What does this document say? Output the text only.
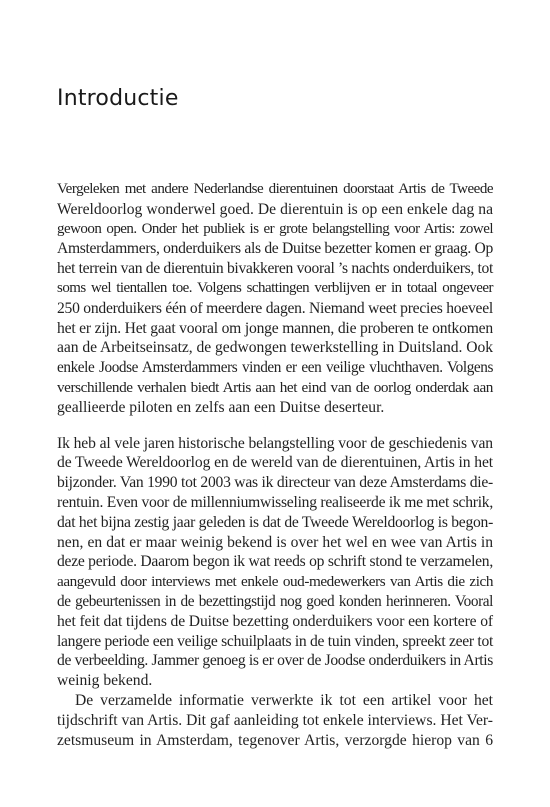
Introductie

Vergeleken met andere Nederlandse dierentuinen doorstaat Artis de Tweede
Wereldoorlog wonderwel goed. De dierentuin is op een enkele dag na
gewoon open. Onder het publiek is er grote belangstelling voor Artis: zowel
Amsterdammers, onderduikers als de Duitse bezetter komen er graag. Op
het terrein van de dierentuin bivakkeren vooral ’s nachts onderduikers, tot
soms wel tientallen toe. Volgens schattingen verblijven er in totaal ongeveer
250 onderduikers één of meerdere dagen. Niemand weet precies hoeveel
het er zijn. Het gaat vooral om jonge mannen, die proberen te ontkomen
aan de Arbeitseinsatz, de gedwongen tewerkstelling in Duitsland. Ook
enkele Joodse Amsterdammers vinden er een veilige vluchthaven. Volgens
verschillende verhalen biedt Artis aan het eind van de oorlog onderdak aan
geallieerde piloten en zelfs aan een Duitse deserteur.

Ik heb al vele jaren historische belangstelling voor de geschiedenis van
de Tweede Wereldoorlog en de wereld van de dierentuinen, Artis in het
bijzonder. Van 1990 tot 2003 was ik directeur van deze Amsterdams die-
rentuin. Even voor de millenniumwisseling realiseerde ik me met schrik,
dat het bijna zestig jaar geleden is dat de Tweede Wereldoorlog is begon-
nen, en dat er maar weinig bekend is over het wel en wee van Artis in
deze periode. Daarom begon ik wat reeds op schrift stond te verzamelen,
aangevuld door interviews met enkele oud-medewerkers van Artis die zich
de gebeurtenissen in de bezettingstijd nog goed konden herinneren. Vooral
het feit dat tijdens de Duitse bezetting onderduikers voor een kortere of
langere periode een veilige schuilplaats in de tuin vinden, spreekt zeer tot
de verbeelding. Jammer genoeg is er over de Joodse onderduikers in Artis
weinig bekend.

De verzamelde informatie verwerkte ik tot een artikel voor het
tijdschrift van Artis. Dit gaf aanleiding tot enkele interviews. Het Ver-
zetsmuseum in Amsterdam, tegenover Artis, verzorgde hierop van 6
